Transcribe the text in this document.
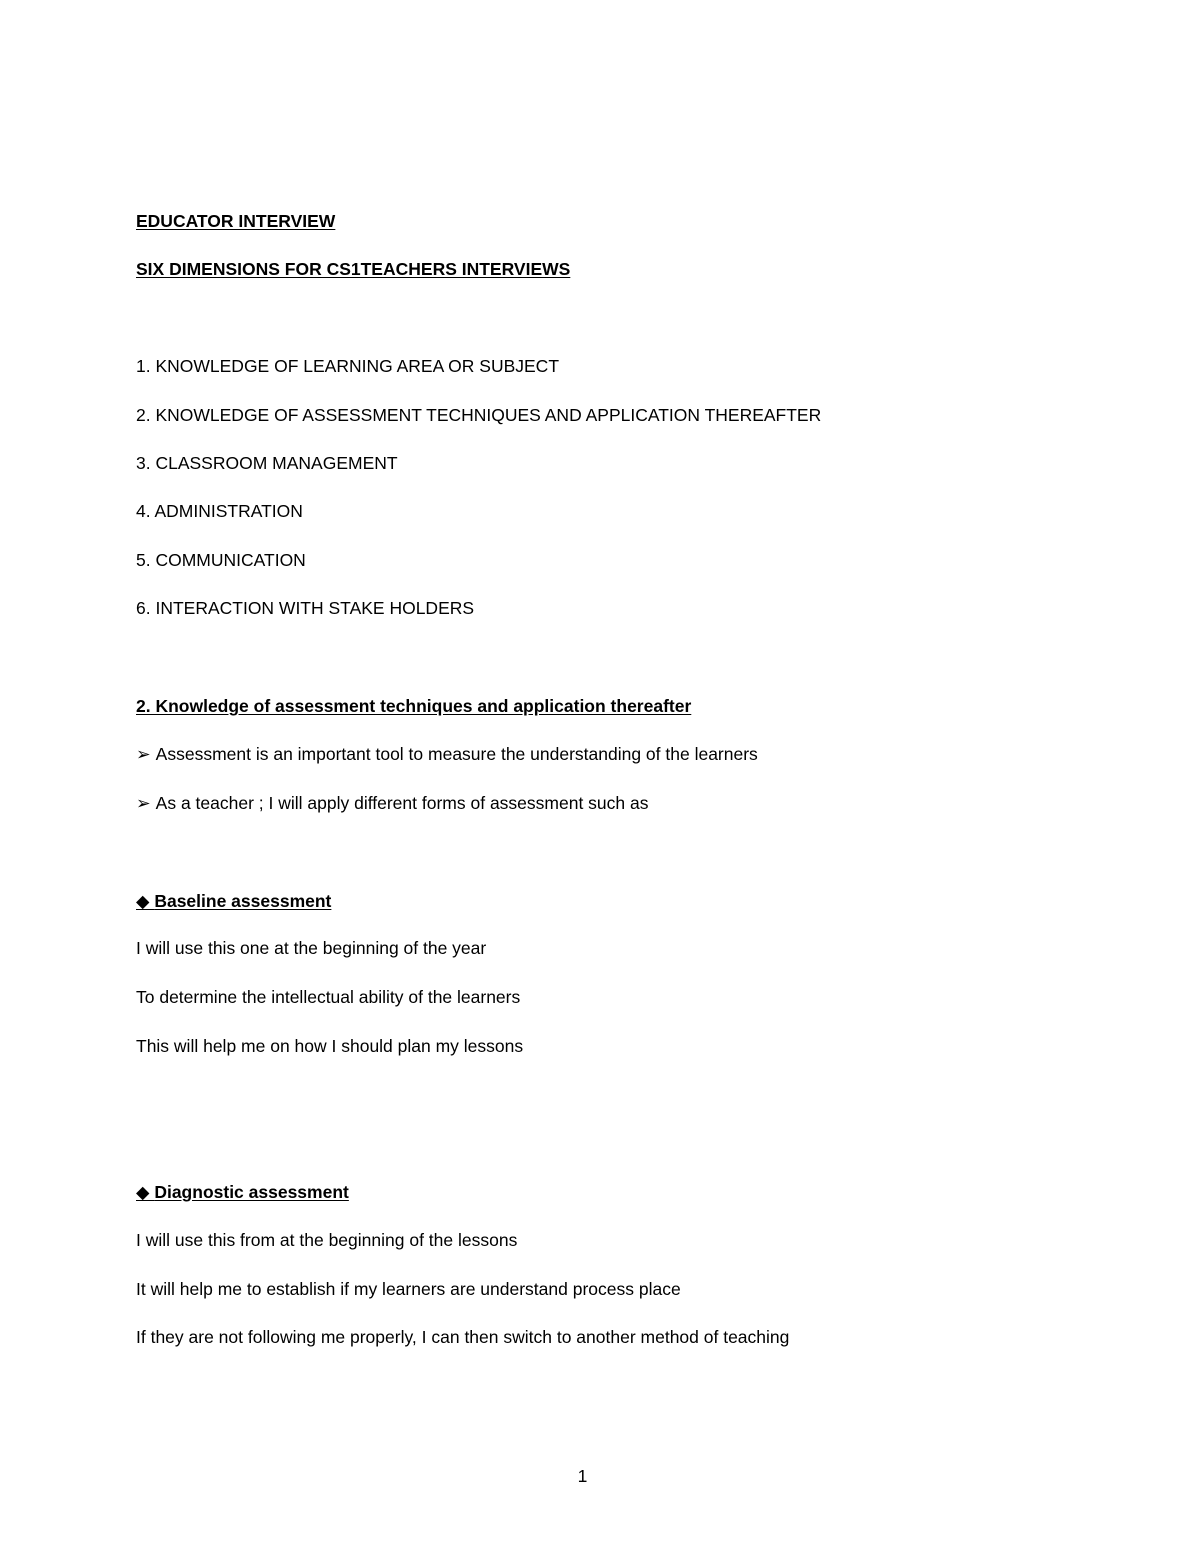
EDUCATOR INTERVIEW
SIX DIMENSIONS FOR CS1TEACHERS INTERVIEWS
1. KNOWLEDGE OF LEARNING AREA OR SUBJECT
2. KNOWLEDGE OF ASSESSMENT TECHNIQUES AND APPLICATION THEREAFTER
3. CLASSROOM MANAGEMENT
4. ADMINISTRATION
5. COMMUNICATION
6. INTERACTION WITH STAKE HOLDERS
2. Knowledge of assessment techniques and application thereafter
➢ Assessment is an important tool to measure the understanding of the learners
➢ As a teacher ; I will apply different forms of assessment such as
◆ Baseline assessment
I will use this one at the beginning of the year
To determine the intellectual ability of the learners
This will help me on how I should plan my lessons
◆ Diagnostic assessment
I will use this from at the beginning of the lessons
It will help me to establish if my learners are understand process place
If they are not following me properly, I can then switch to another method of teaching
1
